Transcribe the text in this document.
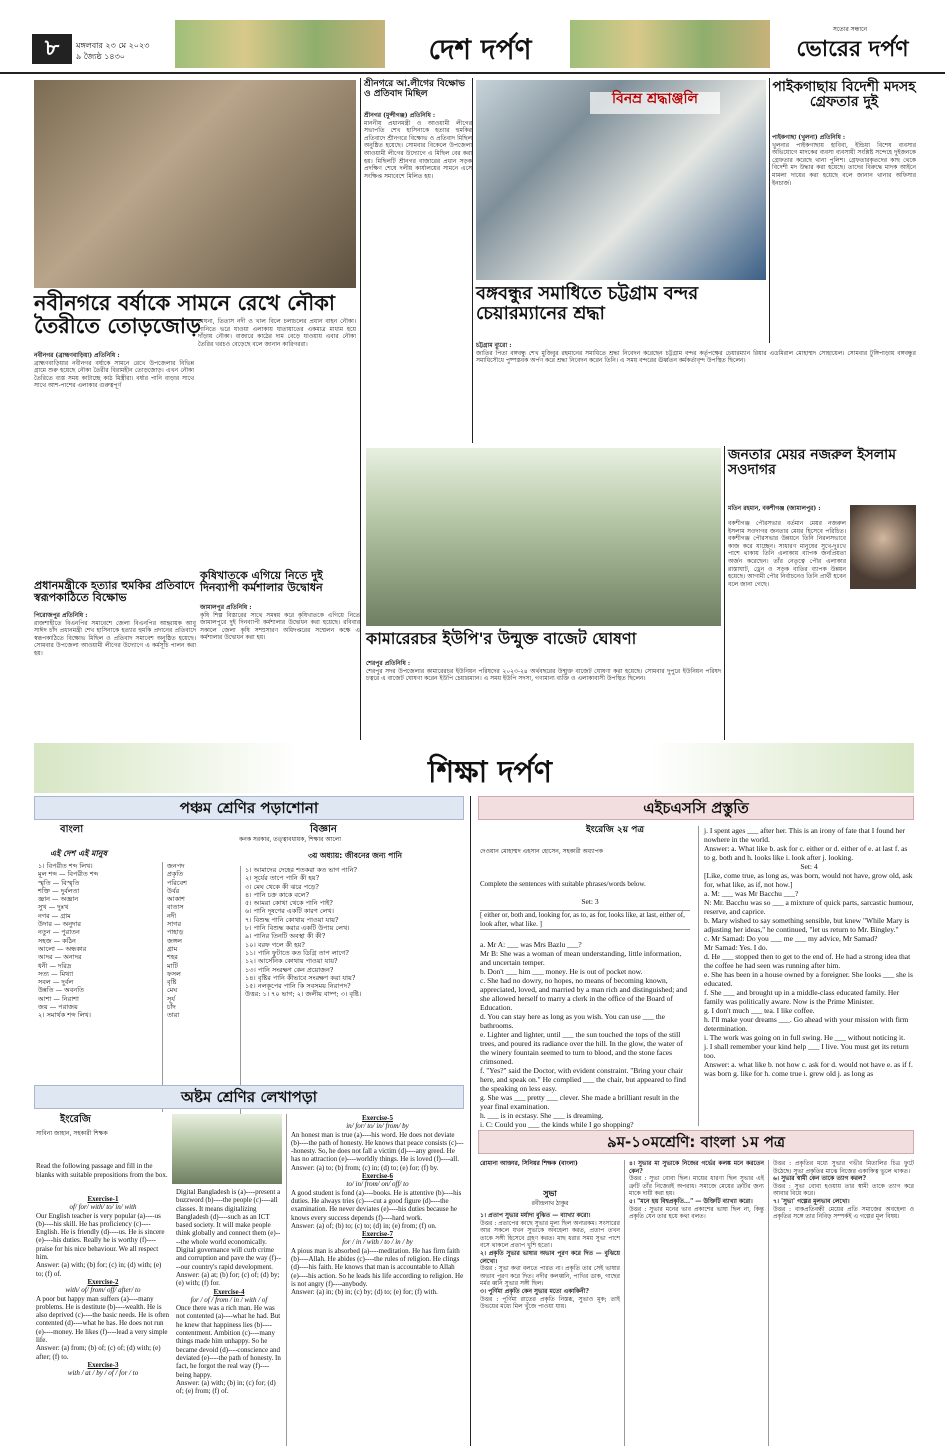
৮	মঙ্গলবার ২৩ মে ২০২৩
৯ জ্যৈষ্ঠ ১৪৩০	দেশ দর্পণ
সত্যের সন্ধানে
ভোরের দর্পণ
নবীনগরে বর্ষাকে সামনে রেখে নৌকা তৈরীতে তোড়জোড়
নবীনগর (ব্রাহ্মণবাড়িয়া) প্রতিনিধি :
ব্রাহ্মণবাড়িয়ার নবীনগর বর্ষাকে সামনে রেখে উপজেলার বিভিন্ন গ্রামে শুরু হয়েছে নৌকা তৈরীর বিরামহীন তোড়জোড়। এখন নৌকা তৈরিতে ব্যস্ত সময় কাটাচ্ছে কাঠ মিস্ত্রীরা। বর্ষার পানি বাড়ার সাথে সাথে আশ-পাশের এলাকার গুরুত্বপূর্ণ
মেঘনা, তিতাস নদী ও খাল বিলে চলাচলের প্রধান বাহন নৌকা। পানিতে ভরে যাওয়া এলাকায় যাতায়াতের একমাত্র মাধ্যম হয়ে দাঁড়ায় নৌকা। বাজারে কাঠের দাম বেড়ে যাওয়ায় এবার নৌকা তৈরির খরচও বেড়েছে বলে জানান কারিগররা।
প্রধানমন্ত্রীকে হত্যার হুমকির প্রতিবাদে স্বরূপকাঠিতে বিক্ষোভ
পিরোজপুর প্রতিনিধি :
রাজশাহীতে বিএনপির সমাবেশে জেলা বিএনপির আহ্বায়ক আবু সাঈদ চাঁদ প্রধানমন্ত্রী শেখ হাসিনাকে হত্যার হুমকি প্রদানের প্রতিবাদে স্বরূপকাঠিতে বিক্ষোভ মিছিল ও প্রতিবাদ সমাবেশ অনুষ্ঠিত হয়েছে। সোমবার উপজেলা আওয়ামী লীগের উদ্যোগে এ কর্মসূচি পালন করা হয়।
কৃষিখাতকে এগিয়ে নিতে দুই দিনব্যাপী কর্মশালার উদ্বোধন
জামালপুর প্রতিনিধি :
কৃষি শিল্প বিস্তারের সাথে সমন্বয় করে কৃষিখাতকে এগিয়ে নিতে জামালপুরে দুই দিনব্যাপী কর্মশালার উদ্বোধন করা হয়েছে। রবিবার সকালে জেলা কৃষি সম্প্রসারণ অধিদপ্তরের সম্মেলন কক্ষে এ কর্মশালার উদ্বোধন করা হয়।
শ্রীনগরে আ.লীগের বিক্ষোভ ও প্রতিবাদ মিছিল
শ্রীনগর (মুন্সীগঞ্জ) প্রতিনিধি :
মাননীয় প্রধানমন্ত্রী ও আওয়ামী লীগের সভাপতি শেখ হাসিনাকে হত্যার হুমকির প্রতিবাদে শ্রীনগরে বিক্ষোভ ও প্রতিবাদ মিছিল অনুষ্ঠিত হয়েছে। সোমবার বিকেলে উপজেলা আওয়ামী লীগের উদ্যোগে এ মিছিল বের করা হয়। মিছিলটি শ্রীনগর বাজারের প্রধান সড়ক প্রদক্ষিণ শেষে দলীয় কার্যালয়ের সামনে এসে সংক্ষিপ্ত সমাবেশে মিলিত হয়।
বিনম্র শ্রদ্ধাঞ্জলি
বঙ্গবন্ধুর সমাধিতে চট্টগ্রাম বন্দর চেয়ারম্যানের শ্রদ্ধা
চট্টগ্রাম ব্যুরো :
জাতির পিতা বঙ্গবন্ধু শেখ মুজিবুর রহমানের সমাধিতে শ্রদ্ধা নিবেদন করেছেন চট্টগ্রাম বন্দর কর্তৃপক্ষের চেয়ারম্যান রিয়ার এডমিরাল মোহাম্মদ সোহায়েল। সোমবার টুঙ্গিপাড়ায় বঙ্গবন্ধুর সমাধিসৌধে পুষ্পস্তবক অর্পণ করে শ্রদ্ধা নিবেদন করেন তিনি। এ সময় বন্দরের ঊর্ধ্বতন কর্মকর্তাবৃন্দ উপস্থিত ছিলেন।
পাইকগাছায় বিদেশী মদসহ গ্রেফতার দুই
পাইকগাছা (খুলনা) প্রতিনিধি :
খুলনার পাইকগাছায় হাবিবা, ইন্ডিয়া বিশেষ ব্যবসার অভিযোগে মাদকের ব্যবসা ব্যবসায়ী সংশ্লিষ্ট সন্দেহে দুইজনকে গ্রেফতার করেছে থানা পুলিশ। গ্রেফতারকৃতদের কাছ থেকে বিদেশী মদ উদ্ধার করা হয়েছে। তাদের বিরুদ্ধে মাদক আইনে মামলা দায়ের করা হয়েছে বলে জানান থানার অফিসার ইনচার্জ।
কামারেরচর ইউপি'র উন্মুক্ত বাজেট ঘোষণা
শেরপুর প্রতিনিধি :
শেরপুর সদর উপজেলার কামারেরচর ইউনিয়ন পরিষদের ২০২৩-২৪ অর্থবছরের উন্মুক্ত বাজেট ঘোষণা করা হয়েছে। সোমবার দুপুরে ইউনিয়ন পরিষদ চত্বরে এ বাজেট ঘোষণা করেন ইউপি চেয়ারম্যান। এ সময় ইউপি সদস্য, গণ্যমান্য ব্যক্তি ও এলাকাবাসী উপস্থিত ছিলেন।
জনতার মেয়র নজরুল ইসলাম সওদাগর
মতিন রহমান, বকশীগঞ্জ (জামালপুর) :
বকশীগঞ্জ পৌরসভার বর্তমান মেয়র নজরুল ইসলাম সওদাগর জনতার মেয়র হিসেবে পরিচিত। বকশীগঞ্জ পৌরসভার উন্নয়নে তিনি নিরলসভাবে কাজ করে যাচ্ছেন। সাধারণ মানুষের সুখে-দুঃখে পাশে থাকায় তিনি এলাকায় ব্যাপক জনপ্রিয়তা অর্জন করেছেন। তাঁর নেতৃত্বে পৌর এলাকার রাস্তাঘাট, ড্রেন ও সড়ক বাতির ব্যাপক উন্নয়ন হয়েছে। আগামী পৌর নির্বাচনেও তিনি প্রার্থী হবেন বলে জানা গেছে।
শিক্ষা দর্পণ
পঞ্চম শ্রেণির পড়াশোনা
বাংলা	বিজ্ঞান
কনক সরকার, তত্ত্বাবধায়ক, শিক্ষার আলো
এই দেশ এই মানুষ
১। বিপরীত শব্দ লিখ।
মূল শব্দ — বিপরীত শব্দ
স্মৃতি — বিস্মৃতি
শক্তি — দুর্বলতা
জ্ঞান — অজ্ঞান
সুখ — দুঃখ
নগর — গ্রাম
উদার — অনুদার
নতুন — পুরাতন
সহজ — কঠিন
আলো — অন্ধকার
আদর — অনাদর
ধনী — দরিদ্র
সত্য — মিথ্যা
সবল — দুর্বল
উন্নতি — অবনতি
আশা — নিরাশা
জয় — পরাজয়
২। সমার্থক শব্দ লিখ।
জনপদ
প্রকৃতি
পরিবেশ
উর্বর
আকাশ
বাতাস
নদী
সাগর
পাহাড়
জঙ্গল
গ্রাম
শহর
মাটি
ফসল
বৃষ্টি
মেঘ
সূর্য
চাঁদ
তারা
৩য় অধ্যায়: জীবনের জন্য পানি
১। আমাদের দেহের শতকরা কত ভাগ পানি?
২। সূর্যের তাপে পানি কী হয়?
৩। মেঘ থেকে কী ঝরে পড়ে?
৪। পানি চক্র কাকে বলে?
৫। আমরা কোথা থেকে পানি পাই?
৬। পানি দূষণের একটি কারণ লেখ।
৭। বিশুদ্ধ পানি কোথায় পাওয়া যায়?
৮। পানি বিশুদ্ধ করার একটি উপায় লেখ।
৯। পানির তিনটি অবস্থা কী কী?
১০। বরফ গলে কী হয়?
১১। পানি ফুটাতে কত ডিগ্রি তাপ লাগে?
১২। আর্সেনিক কোথায় পাওয়া যায়?
১৩। পানি সংরক্ষণ কেন প্রয়োজন?
১৪। বৃষ্টির পানি কীভাবে সংরক্ষণ করা যায়?
১৫। নলকূপের পানি কি সবসময় নিরাপদ?
উত্তর: ১। ৭০ ভাগ; ২। জলীয় বাষ্প; ৩। বৃষ্টি।
এইচএসসি প্রস্তুতি
ইংরেজি ২য় পত্র
দেওয়ান মোহাম্মদ এহসান হোসেন, সহকারী অধ্যাপক
Complete the sentences with suitable phrases/words below.
Set: 3
[ either or, both and, looking for, as to, as for, looks like, at last, either of, look after, what like. ]
a. Mr A: ___ was Mrs Bazlu ___?
Mr B: She was a woman of mean understanding, little information, and uncertain temper.
b. Don't ___ him ___ money. He is out of pocket now.
c. She had no dowry, no hopes, no means of becoming known, appreciated, loved, and married by a man rich and distinguished; and she allowed herself to marry a clerk in the office of the Board of Education.
d. You can stay here as long as you wish. You can use ___ the bathrooms.
e. Lighter and lighter, until ___ the sun touched the tops of the still trees, and poured its radiance over the hill. In the glow, the water of the winery fountain seemed to turn to blood, and the stone faces crimsoned.
f. "Yes?" said the Doctor, with evident constraint. "Bring your chair here, and speak on." He complied ___ the chair, but appeared to find the speaking on less easy.
g. She was ___ pretty ___ clever. She made a brilliant result in the year final examination.
h. ___ is in ecstasy. She ___ is dreaming.
i. C: Could you ___ the kinds while I go shopping?
j. I spent ages ___ after her. This is an irony of fate that I found her nowhere in the world.
Answer: a. What like b. ask for c. either or d. either of e. at last f. as to g. both and h. looks like i. look after j. looking.
Set: 4
[Like, come true, as long as, was born, would not have, grow old, ask for, what like, as if, not how.]
a. M: ___ was Mr Bacchu ___?
N: Mr. Bacchu was so ___ a mixture of quick parts, sarcastic humour, reserve, and caprice.
b. Mary wished to say something sensible, but knew "While Mary is adjusting her ideas," he continued, "let us return to Mr. Bingley."
c. Mr Samad: Do you ___ me ___ my advice, Mr Samad?
Mr Samad: Yes. I do.
d. He ___ stopped then to get to the end of. He had a strong idea that the coffee he had seen was running after him.
e. She has been in a house owned by a foreigner. She looks ___ she is educated.
f. She ___ and brought up in a middle-class educated family. Her family was politically aware. Now is the Prime Minister.
g. I don't much ___ tea. I like coffee.
h. I'll make your dreams ___. Go ahead with your mission with firm determination.
i. The work was going on in full swing. He ___ without noticing it.
j. I shall remember your kind help ___ I live. You must get its return too.
Answer: a. what like b. not how c. ask for d. would not have e. as if f. was born g. like for h. come true i. grew old j. as long as
অষ্টম শ্রেণির লেখাপড়া
ইংরেজি
সাবিনা জাহান, সহকারী শিক্ষক
Read the following passage and fill in the blanks with suitable prepositions from the box.
Exercise-1
of/ for/ with/ to/ in/ with
Our English teacher is very popular (a)----us (b)----his skill. He has proficiency (c)----English. He is friendly (d)----us. He is sincere (e)----his duties. Really he is worthy (f)----praise for his nice behaviour. We all respect him.
Answer: (a) with; (b) for; (c) in; (d) with; (e) to; (f) of.
Exercise-2
with/ of/ from/ off/ after/ to
A poor but happy man suffers (a)----many problems. He is destitute (b)----wealth. He is also deprived (c)----the basic needs. He is often contented (d)----what he has. He does not run (e)----money. He likes (f)----lead a very simple life.
Answer: (a) from; (b) of; (c) of; (d) with; (e) after; (f) to.
Exercise-3
with / at / by / of / for / to
Digital Bangladesh is (a)----present a buzzword (b)----the people (c)----all classes. It means digitalizing Bangladesh (d)----such as an ICT based society. It will make people think globally and connect them (e)----the whole world economically. Digital governance will curb crime and corruption and pave the way (f)----our country's rapid development.
Answer: (a) at; (b) for; (c) of; (d) by; (e) with; (f) for.
Exercise-4
for / of / from / in / with / of
Once there was a rich man. He was not contented (a)----what he had. But he knew that happiness lies (b)----contentment. Ambition (c)----many things made him unhappy. So he became devoid (d)----conscience and deviated (e)----the path of honesty. In fact, he forgot the real way (f)----being happy.
Answer: (a) with; (b) in; (c) for; (d) of; (e) from; (f) of.
Exercise-5
in/ for/ to/ in/ from/ by
An honest man is true (a)----his word. He does not deviate (b)----the path of honesty. He knows that peace consists (c)----honesty. So, he does not fall a victim (d)----any greed. He has no attraction (e)----worldly things. He is loved (f)----all.
Answer: (a) to; (b) from; (c) in; (d) to; (e) for; (f) by.
Exercise-6
to/ in/ from/ on/ off/ to
A good student is fond (a)----books. He is attentive (b)----his duties. He always tries (c)----cut a good figure (d)----the examination. He never deviates (e)----his duties because he knows every success depends (f)----hard work.
Answer: (a) of; (b) to; (c) to; (d) in; (e) from; (f) on.
Exercise-7
for / in / with / to / in / by
A pious man is absorbed (a)----meditation. He has firm faith (b)----Allah. He abides (c)----the rules of religion. He clings (d)----his faith. He knows that man is accountable to Allah (e)----his action. So he leads his life according to religion. He is not angry (f)----anybody.
Answer: (a) in; (b) in; (c) by; (d) to; (e) for; (f) with.
৯ম-১০মশ্রেণি: বাংলা ১ম পত্র
রোমানা আক্তার, সিনিয়র শিক্ষক (বাংলা)
সুভা
রবীন্দ্রনাথ ঠাকুর
১। প্রতাপ সুভার মর্যাদা বুঝিত — ব্যাখ্যা করো।
উত্তর : প্রতাপের কাছে সুভার মূল্য ছিল অন্যরকম। সংসারের আর সকলে যখন সুভাকে অবহেলা করত, প্রতাপ তখন তাকে সঙ্গী হিসেবে গ্রহণ করত। মাছ ধরার সময় সুভা পাশে বসে থাকলে প্রতাপ খুশি হতো।
২। প্রকৃতি সুভার ভাষার অভাব পূরণ করে দিত — বুঝিয়ে লেখো।
উত্তর : সুভা কথা বলতে পারত না। প্রকৃতি তার সেই ভাষার অভাব পূরণ করে দিত। নদীর কলধ্বনি, পাখির ডাক, গাছের মর্মর ধ্বনি সুভার সঙ্গী ছিল।
৩। পুর্ণিমা প্রকৃতি কেন সুভার মতো একাকিনী?
উত্তর : পূর্ণিমা রাতের প্রকৃতি নিস্তব্ধ, সুভাও মূক; তাই উভয়ের মধ্যে মিল খুঁজে পাওয়া যায়।
৪। সুভার মা সুভাকে নিজের গর্ভের কলঙ্ক মনে করতেন কেন?
উত্তর : সুভা বোবা ছিল। মায়ের ধারণা ছিল সুভার এই ত্রুটি তাঁর নিজেরই অপরাধ। সমাজে মেয়ের ত্রুটির জন্য মাকে দায়ী করা হয়।
৫। "মনে হয় বিশ্বপ্রকৃতি..." — উক্তিটি ব্যাখ্যা করো।
উত্তর : সুভার মনের ভাব প্রকাশের ভাষা ছিল না, কিন্তু প্রকৃতি যেন তার হয়ে কথা বলত।
উত্তর : প্রকৃতির মধ্যে সুভার গভীর মিতালির চিত্র ফুটে উঠেছে। সুভা প্রকৃতির মাঝে নিজের একাকিত্ব ভুলে থাকত।
৬। সুভার স্বামী কেন তাকে ত্যাগ করল?
উত্তর : সুভা বোবা হওয়ায় তার স্বামী তাকে ত্যাগ করে আবার বিয়ে করে।
৭। 'সুভা' গল্পের মূলভাব লেখো।
উত্তর : বাকপ্রতিবন্ধী মেয়ের প্রতি সমাজের অবহেলা ও প্রকৃতির সঙ্গে তার নিবিড় সম্পর্কই এ গল্পের মূল বিষয়।
